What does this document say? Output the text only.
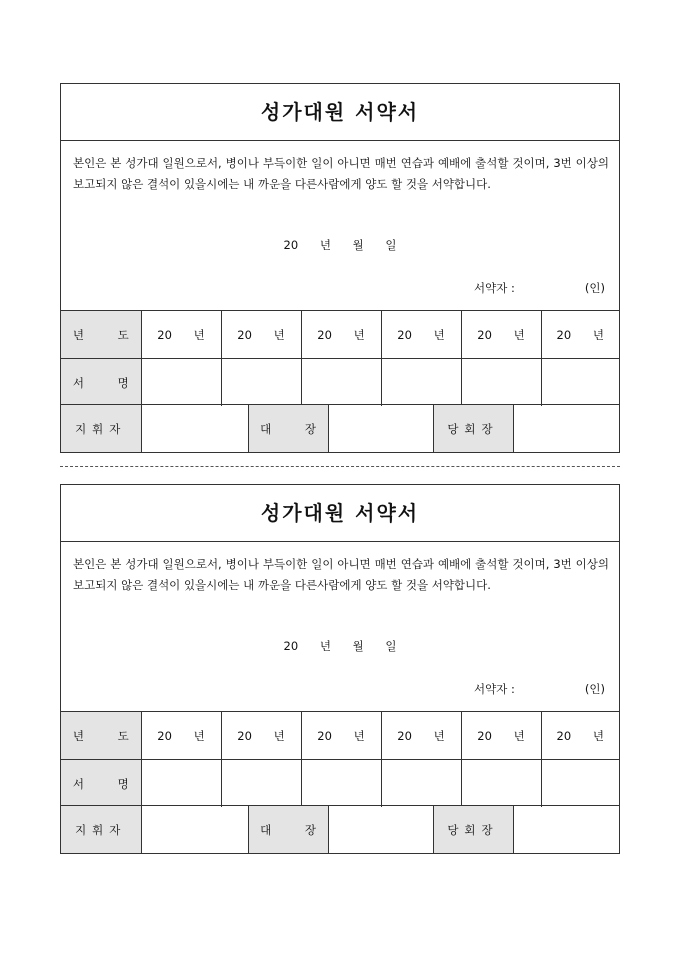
성가대원 서약서
본인은 본 성가대 일원으로서, 병이나 부득이한 일이 아니면 매번 연습과 예배에 출석할 것이며, 3번 이상의 보고되지 않은 결석이 있을시에는 내 까운을 다른사람에게 양도 할 것을 서약합니다.
20 년 월 일
서약자 :	(인)
년 도	20 년	20 년	20 년	20 년	20 년	20 년
서 명						
지휘자		대 장		당회장	
성가대원 서약서
본인은 본 성가대 일원으로서, 병이나 부득이한 일이 아니면 매번 연습과 예배에 출석할 것이며, 3번 이상의 보고되지 않은 결석이 있을시에는 내 까운을 다른사람에게 양도 할 것을 서약합니다.
20 년 월 일
서약자 :	(인)
년 도	20 년	20 년	20 년	20 년	20 년	20 년
서 명						
지휘자		대 장		당회장	
